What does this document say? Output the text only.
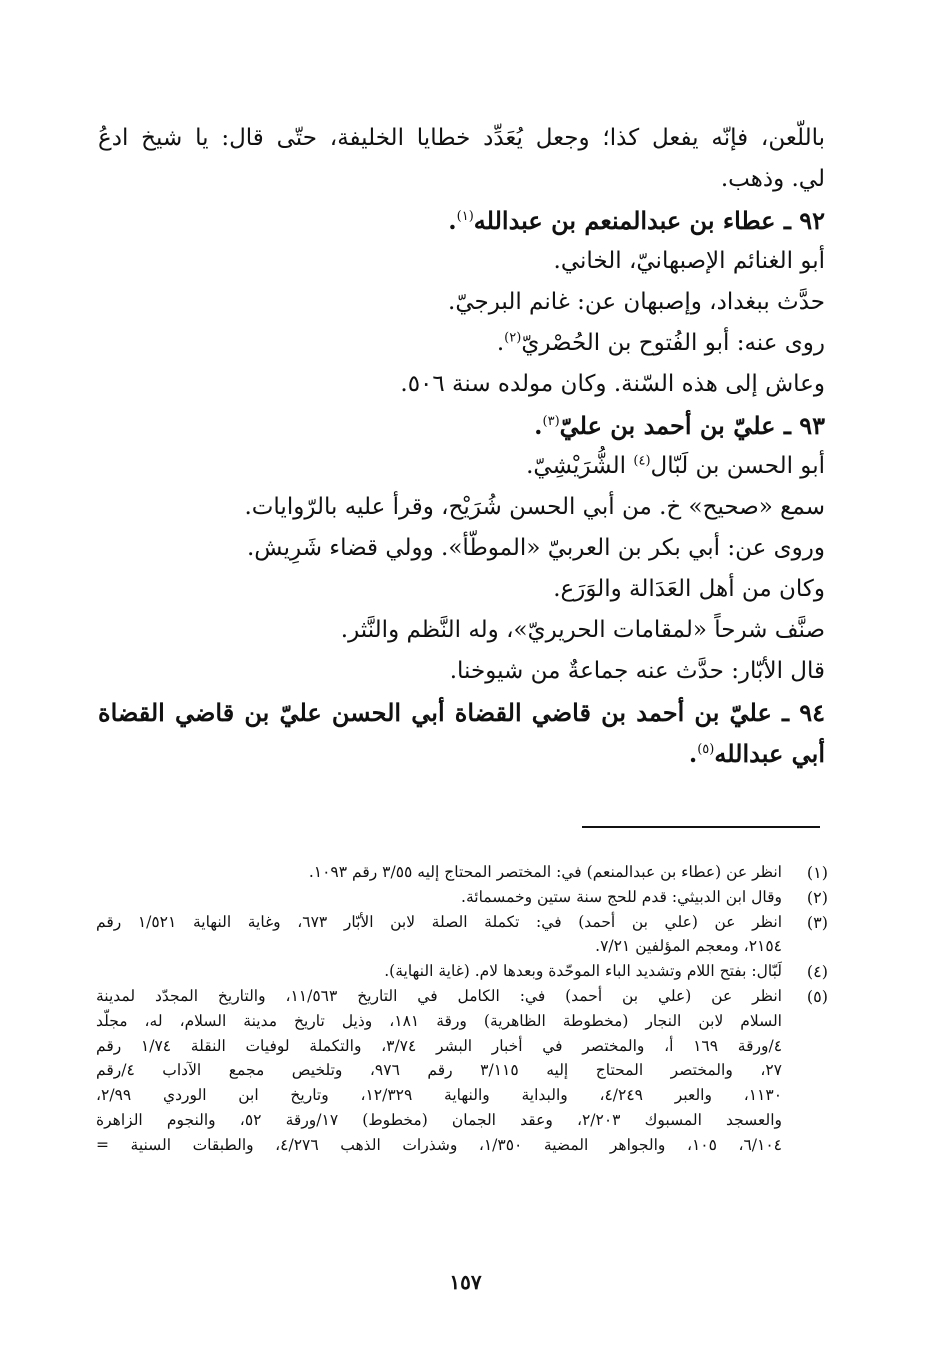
باللّعن، فإنّه يفعل كذا؛ وجعل يُعَدِّد خطايا الخليفة، حتّى قال: يا شيخ ادعُ
لي. وذهب.
٩٢ ـ عطاء بن عبدالمنعم بن عبدالله$^{(١)}$.
أبو الغنائم الإصبهانيّ، الخاني.
حدَّث ببغداد، وإصبهان عن: غانم البرجيّ.
روى عنه: أبو الفُتوح بن الحُصْريّ$^{(٢)}$.
وعاش إلى هذه السّنة. وكان مولده سنة ٥٠٦.
٩٣ ـ عليّ بن أحمد بن عليّ$^{(٣)}$.
أبو الحسن بن لَبّال$^{(٤)}$ الشُّرَيْشِيّ.
سمع «صحيح» خ. من أبي الحسن شُرَيْح، وقرأ عليه بالرّوايات.
وروى عن: أبي بكر بن العربيّ «الموطّأ». وولي قضاء شَرِيش.
وكان من أهل العَدَالة والوَرَع.
صنَّف شرحاً «لمقامات الحريريّ»، وله النَّظم والنَّثر.
قال الأبّار: حدَّث عنه جماعةٌ من شيوخنا.
٩٤ ـ عليّ بن أحمد بن قاضي القضاة أبي الحسن عليّ بن قاضي القضاة
أبي عبدالله$^{(٥)}$.
(١)
انظر عن (عطاء بن عبدالمنعم) في: المختصر المحتاج إليه ٣/٥٥ رقم ١٠٩٣.
(٢)
وقال ابن الدبيثي: قدم للحج سنة ستين وخمسمائة.
(٣)
انظر عن (علي بن أحمد) في: تكملة الصلة لابن الأبّار ٦٧٣، وغاية النهاية ١/٥٢١ رقم
٢١٥٤، ومعجم المؤلفين ٧/٢١.
(٤)
لَبّال: بفتح اللام وتشديد الباء الموحّدة وبعدها لام. (غاية النهاية).
(٥)
انظر عن (علي بن أحمد) في: الكامل في التاريخ ١١/٥٦٣، والتاريخ المجدّد لمدينة
السلام لابن النجار (مخطوطة الظاهرية) ورقة ١٨١، وذيل تاريخ مدينة السلام، له، مجلّد
٤/ورقة ١٦٩ أ، والمختصر في أخبار البشر ٣/٧٤، والتكملة لوفيات النقلة ١/٧٤ رقم
٢٧، والمختصر المحتاج إليه ٣/١١٥ رقم ٩٧٦، وتلخيص مجمع الآداب ٤/رقم
١١٣٠، والعبر ٤/٢٤٩، والبداية والنهاية ١٢/٣٢٩، وتاريخ ابن الوردي ٢/٩٩،
والعسجد المسبوك ٢/٢٠٣، وعقد الجمان (مخطوط) ١٧/ورقة ٥٢، والنجوم الزاهرة
٦/١٠٤، ١٠٥، والجواهر المضية ١/٣٥٠، وشذرات الذهب ٤/٢٧٦، والطبقات السنية =
١٥٧
